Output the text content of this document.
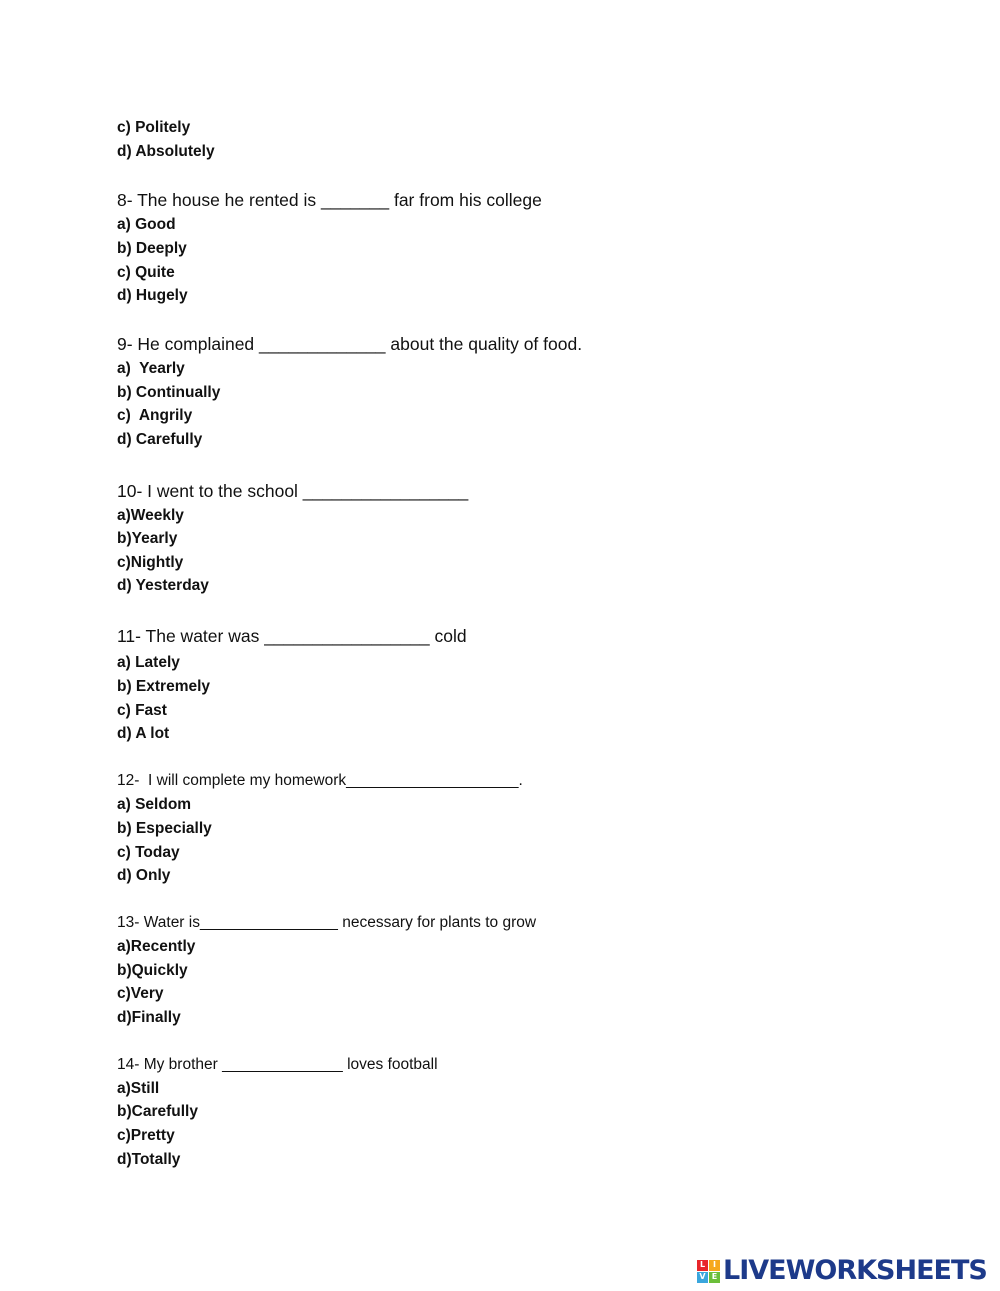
c) Politely

d) Absolutely

8- The house he rented is _______ far from his college

a) Good

b) Deeply

c) Quite

d) Hugely

9- He complained _____________ about the quality of food.

a)  Yearly

b) Continually

c)  Angrily

d) Carefully

10- I went to the school _________________

a)Weekly

b)Yearly

c)Nightly

d) Yesterday

11- The water was _________________ cold

a) Lately

b) Extremely

c) Fast

d) A lot

12-  I will complete my homework____________________.

a) Seldom

b) Especially

c) Today

d) Only

13- Water is________________ necessary for plants to grow

a)Recently

b)Quickly

c)Very

d)Finally

14- My brother ______________ loves football

a)Still

b)Carefully

c)Pretty

d)Totally

L I
V E LIVEWORKSHEETS
